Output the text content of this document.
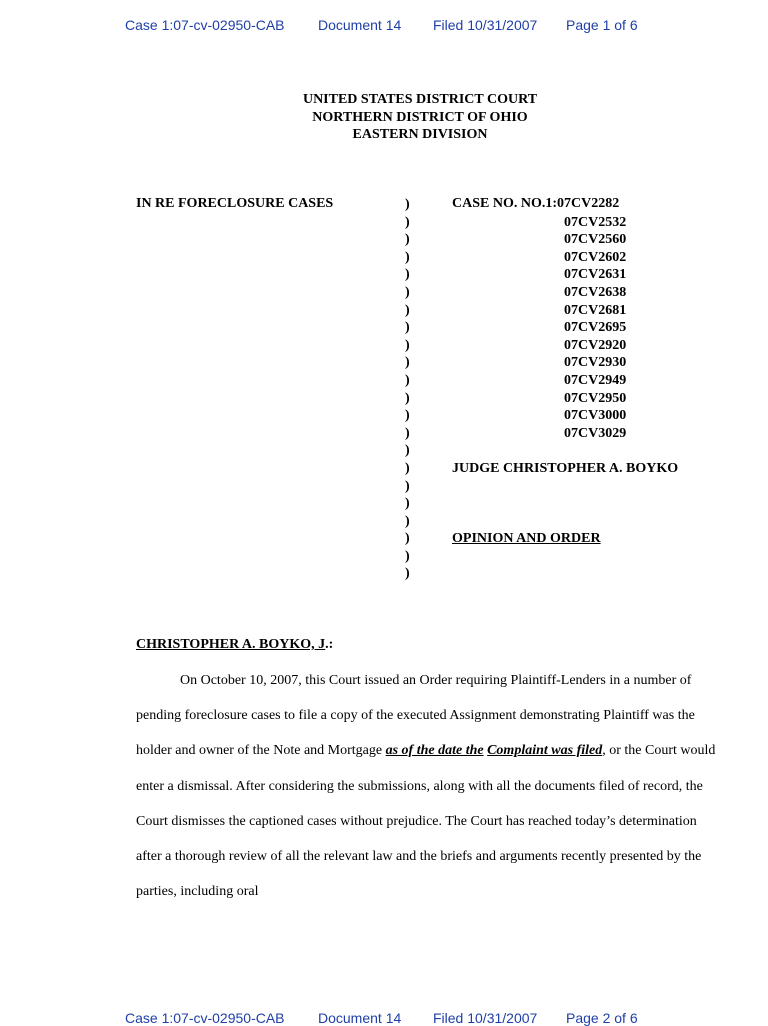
Case 1:07-cv-02950-CAB Document 14 Filed 10/31/2007 Page 1 of 6
UNITED STATES DISTRICT COURT
NORTHERN DISTRICT OF OHIO
EASTERN DIVISION
IN RE FORECLOSURE CASES	)
)
)
)
)
)
)
)
)
)
)
)
)
)
)
)
)
)
)
)
)
)
CASE NO. NO.1:07CV2282
07CV2532
07CV2560
07CV2602
07CV2631
07CV2638
07CV2681
07CV2695
07CV2920
07CV2930
07CV2949
07CV2950
07CV3000
07CV3029
JUDGE CHRISTOPHER A. BOYKO
OPINION AND ORDER
CHRISTOPHER A. BOYKO, J.:

On October 10, 2007, this Court issued an Order requiring Plaintiff-Lenders in a number of pending foreclosure cases to file a copy of the executed Assignment demonstrating Plaintiff was the holder and owner of the Note and Mortgage as of the date the Complaint was filed, or the Court would enter a dismissal. After considering the submissions, along with all the documents filed of record, the Court dismisses the captioned cases without prejudice. The Court has reached today’s determination after a thorough review of all the relevant law and the briefs and arguments recently presented by the parties, including oral

Case 1:07-cv-02950-CAB Document 14 Filed 10/31/2007 Page 2 of 6
